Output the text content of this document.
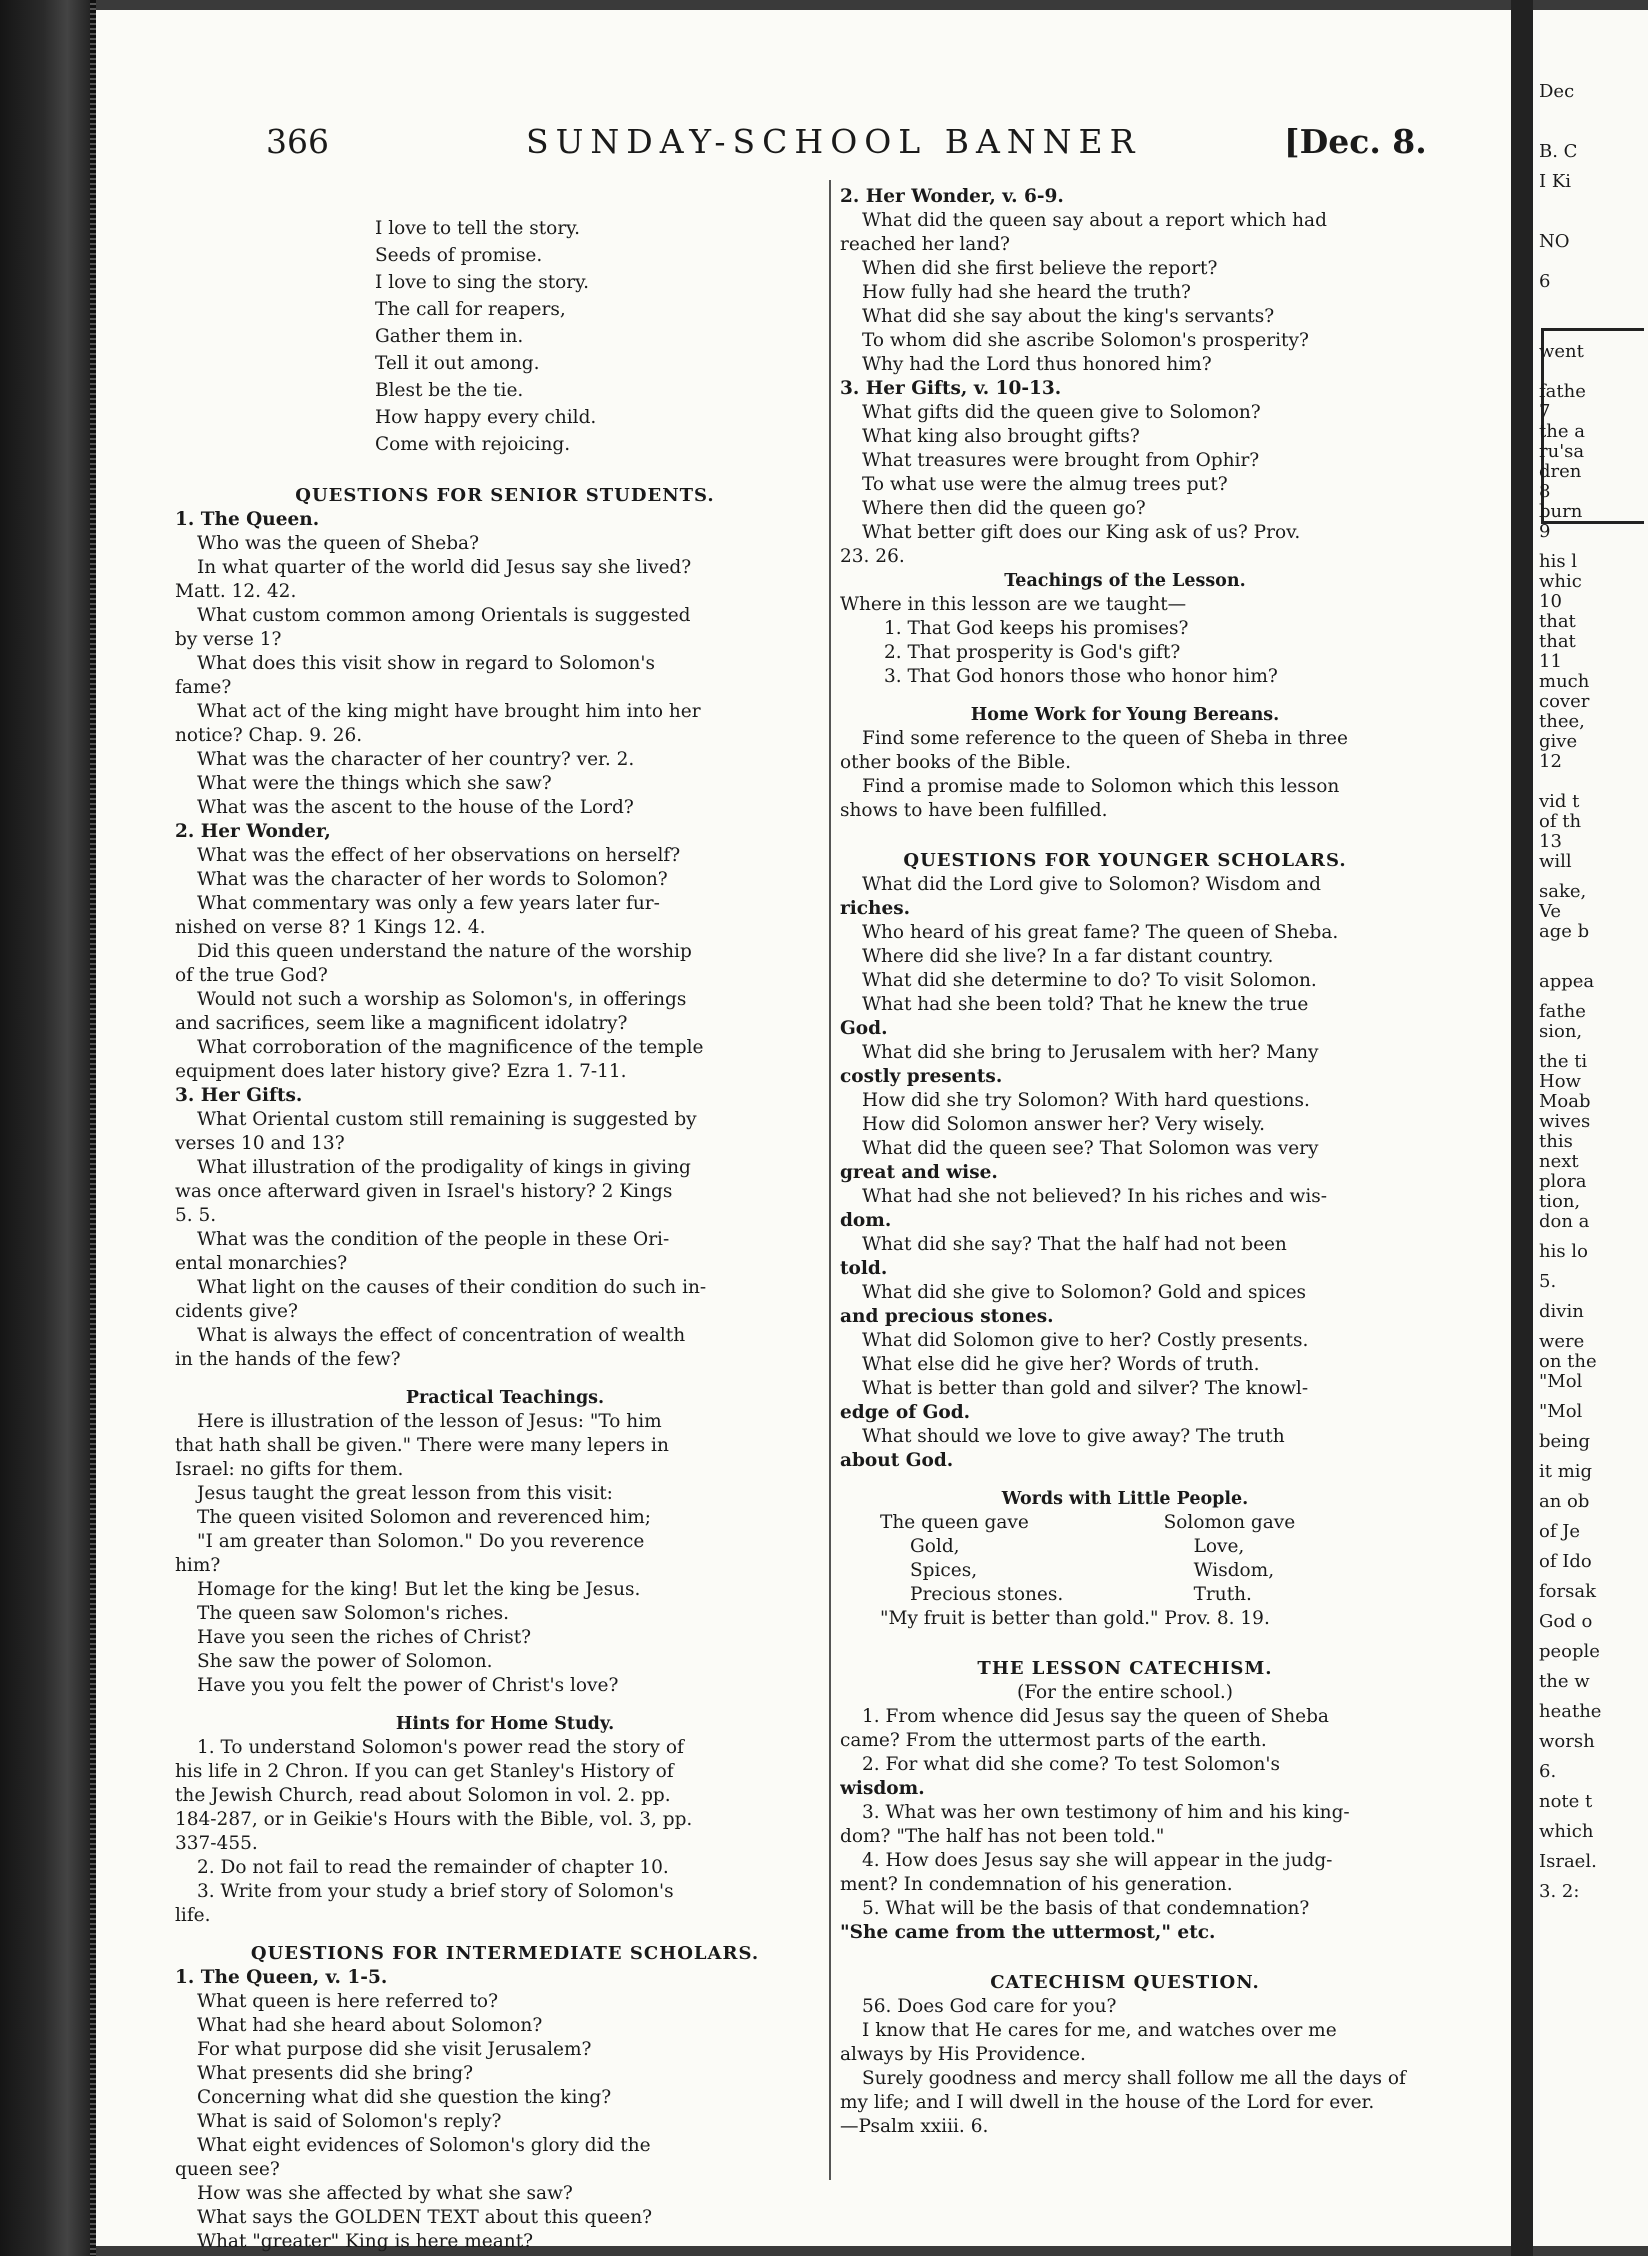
366	SUNDAY-SCHOOL BANNER	[Dec. 8.
I love to tell the story.
Seeds of promise.
I love to sing the story.
The call for reapers,
Gather them in.
Tell it out among.
Blest be the tie.
How happy every child.
Come with rejoicing.
QUESTIONS FOR SENIOR STUDENTS.
1. The Queen.
Who was the queen of Sheba?
In what quarter of the world did Jesus say she lived?
Matt. 12. 42.
What custom common among Orientals is suggested
by verse 1?
What does this visit show in regard to Solomon's
fame?
What act of the king might have brought him into her
notice? Chap. 9. 26.
What was the character of her country? ver. 2.
What were the things which she saw?
What was the ascent to the house of the Lord?
2. Her Wonder,
What was the effect of her observations on herself?
What was the character of her words to Solomon?
What commentary was only a few years later fur-
nished on verse 8? 1 Kings 12. 4.
Did this queen understand the nature of the worship
of the true God?
Would not such a worship as Solomon's, in offerings
and sacrifices, seem like a magnificent idolatry?
What corroboration of the magnificence of the temple
equipment does later history give? Ezra 1. 7-11.
3. Her Gifts.
What Oriental custom still remaining is suggested by
verses 10 and 13?
What illustration of the prodigality of kings in giving
was once afterward given in Israel's history? 2 Kings
5. 5.
What was the condition of the people in these Ori-
ental monarchies?
What light on the causes of their condition do such in-
cidents give?
What is always the effect of concentration of wealth
in the hands of the few?
Practical Teachings.
Here is illustration of the lesson of Jesus: "To him
that hath shall be given." There were many lepers in
Israel: no gifts for them.
Jesus taught the great lesson from this visit:
The queen visited Solomon and reverenced him;
"I am greater than Solomon." Do you reverence
him?
Homage for the king! But let the king be Jesus.
The queen saw Solomon's riches.
Have you seen the riches of Christ?
She saw the power of Solomon.
Have you you felt the power of Christ's love?
Hints for Home Study.
1. To understand Solomon's power read the story of
his life in 2 Chron. If you can get Stanley's History of
the Jewish Church, read about Solomon in vol. 2. pp.
184-287, or in Geikie's Hours with the Bible, vol. 3, pp.
337-455.
2. Do not fail to read the remainder of chapter 10.
3. Write from your study a brief story of Solomon's
life.
QUESTIONS FOR INTERMEDIATE SCHOLARS.
1. The Queen, v. 1-5.
What queen is here referred to?
What had she heard about Solomon?
For what purpose did she visit Jerusalem?
What presents did she bring?
Concerning what did she question the king?
What is said of Solomon's reply?
What eight evidences of Solomon's glory did the
queen see?
How was she affected by what she saw?
What says the GOLDEN TEXT about this queen?
What "greater" King is here meant?
2. Her Wonder, v. 6-9.
What did the queen say about a report which had
reached her land?
When did she first believe the report?
How fully had she heard the truth?
What did she say about the king's servants?
To whom did she ascribe Solomon's prosperity?
Why had the Lord thus honored him?
3. Her Gifts, v. 10-13.
What gifts did the queen give to Solomon?
What king also brought gifts?
What treasures were brought from Ophir?
To what use were the almug trees put?
Where then did the queen go?
What better gift does our King ask of us? Prov.
23. 26.
Teachings of the Lesson.
Where in this lesson are we taught—
1. That God keeps his promises?
2. That prosperity is God's gift?
3. That God honors those who honor him?
Home Work for Young Bereans.
Find some reference to the queen of Sheba in three
other books of the Bible.
Find a promise made to Solomon which this lesson
shows to have been fulfilled.
QUESTIONS FOR YOUNGER SCHOLARS.
What did the Lord give to Solomon? Wisdom and
riches.
Who heard of his great fame? The queen of Sheba.
Where did she live? In a far distant country.
What did she determine to do? To visit Solomon.
What had she been told? That he knew the true
God.
What did she bring to Jerusalem with her? Many
costly presents.
How did she try Solomon? With hard questions.
How did Solomon answer her? Very wisely.
What did the queen see? That Solomon was very
great and wise.
What had she not believed? In his riches and wis-
dom.
What did she say? That the half had not been
told.
What did she give to Solomon? Gold and spices
and precious stones.
What did Solomon give to her? Costly presents.
What else did he give her? Words of truth.
What is better than gold and silver? The knowl-
edge of God.
What should we love to give away? The truth
about God.
Words with Little People.
The queen gave
Gold,
Spices,
Precious stones.
Solomon gave
Love,
Wisdom,
Truth.
"My fruit is better than gold." Prov. 8. 19.
THE LESSON CATECHISM.
(For the entire school.)
1. From whence did Jesus say the queen of Sheba
came? From the uttermost parts of the earth.
2. For what did she come? To test Solomon's
wisdom.
3. What was her own testimony of him and his king-
dom? "The half has not been told."
4. How does Jesus say she will appear in the judg-
ment? In condemnation of his generation.
5. What will be the basis of that condemnation?
"She came from the uttermost," etc.
CATECHISM QUESTION.
56. Does God care for you?
I know that He cares for me, and watches over me
always by His Providence.
Surely goodness and mercy shall follow me all the days of
my life; and I will dwell in the house of the Lord for ever.
—Psalm xxiii. 6.
Dec
B. C
I Ki
NO
6
went
fathe
7
the a
ru'sa
dren
8
burn
9
his l
whic
10
that
that
11
much
cover
thee,
give
12
vid t
of th
13
will
sake,
Ve
age b
appea
fathe
sion,
the ti
How
Moab
wives
this
next
plora
tion,
don a
his lo
5.
divin
were
on the
"Mol
"Mol
being
it mig
an ob
of Je
of Ido
forsak
God o
people
the w
heathe
worsh
6.
note t
which
Israel.
3. 2:
